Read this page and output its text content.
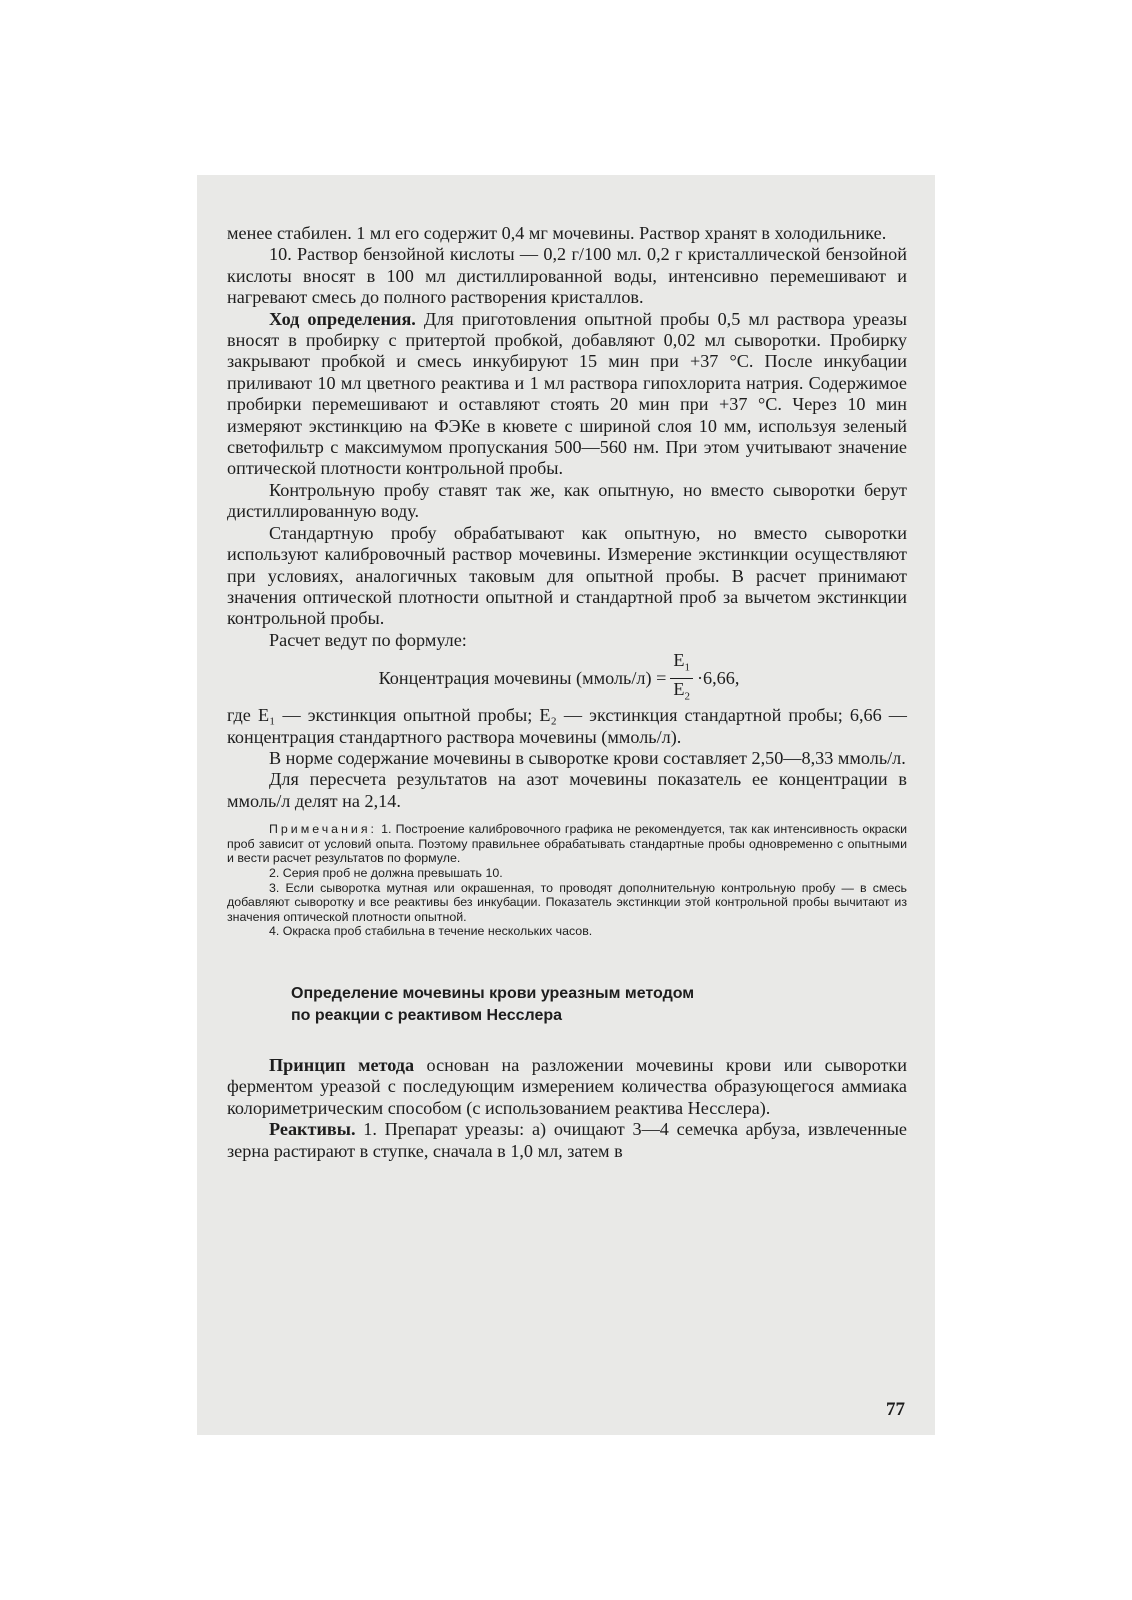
менее стабилен. 1 мл его содержит 0,4 мг мочевины. Раствор хранят в холодильнике.

10. Раствор бензойной кислоты — 0,2 г/100 мл. 0,2 г кристаллической бензойной кислоты вносят в 100 мл дистиллированной воды, интенсивно перемешивают и нагревают смесь до полного растворения кристаллов.

Ход определения. Для приготовления опытной пробы 0,5 мл раствора уреазы вносят в пробирку с притертой пробкой, добавляют 0,02 мл сыворотки. Пробирку закрывают пробкой и смесь инкубируют 15 мин при +37 °С. После инкубации приливают 10 мл цветного реактива и 1 мл раствора гипохлорита натрия. Содержимое пробирки перемешивают и оставляют стоять 20 мин при +37 °С. Через 10 мин измеряют экстинкцию на ФЭКе в кювете с шириной слоя 10 мм, используя зеленый светофильтр с максимумом пропускания 500—560 нм. При этом учитывают значение оптической плотности контрольной пробы.

Контрольную пробу ставят так же, как опытную, но вместо сыворотки берут дистиллированную воду.

Стандартную пробу обрабатывают как опытную, но вместо сыворотки используют калибровочный раствор мочевины. Измерение экстинкции осуществляют при условиях, аналогичных таковым для опытной пробы. В расчет принимают значения оптической плотности опытной и стандартной проб за вычетом экстинкции контрольной пробы.

Расчет ведут по формуле:

Концентрация мочевины (ммоль/л) = $\frac{E_1}{E_2} \cdot 6,66$,

где E₁ — экстинкция опытной пробы; E₂ — экстинкция стандартной пробы; 6,66 — концентрация стандартного раствора мочевины (ммоль/л).

В норме содержание мочевины в сыворотке крови составляет 2,50—8,33 ммоль/л.

Для пересчета результатов на азот мочевины показатель ее концентрации в ммоль/л делят на 2,14.

Примечания: 1. Построение калибровочного графика не рекомендуется, так как интенсивность окраски проб зависит от условий опыта. Поэтому правильнее обрабатывать стандартные пробы одновременно с опытными и вести расчет результатов по формуле.

2. Серия проб не должна превышать 10.

3. Если сыворотка мутная или окрашенная, то проводят дополнительную контрольную пробу — в смесь добавляют сыворотку и все реактивы без инкубации. Показатель экстинкции этой контрольной пробы вычитают из значения оптической плотности опытной.

4. Окраска проб стабильна в течение нескольких часов.

Определение мочевины крови уреазным методом
по реакции с реактивом Несслера

Принцип метода основан на разложении мочевины крови или сыворотки ферментом уреазой с последующим измерением количества образующегося аммиака колориметрическим способом (с использованием реактива Несслера).

Реактивы. 1. Препарат уреазы: а) очищают 3—4 семечка арбуза, извлеченные зерна растирают в ступке, сначала в 1,0 мл, затем в

77
